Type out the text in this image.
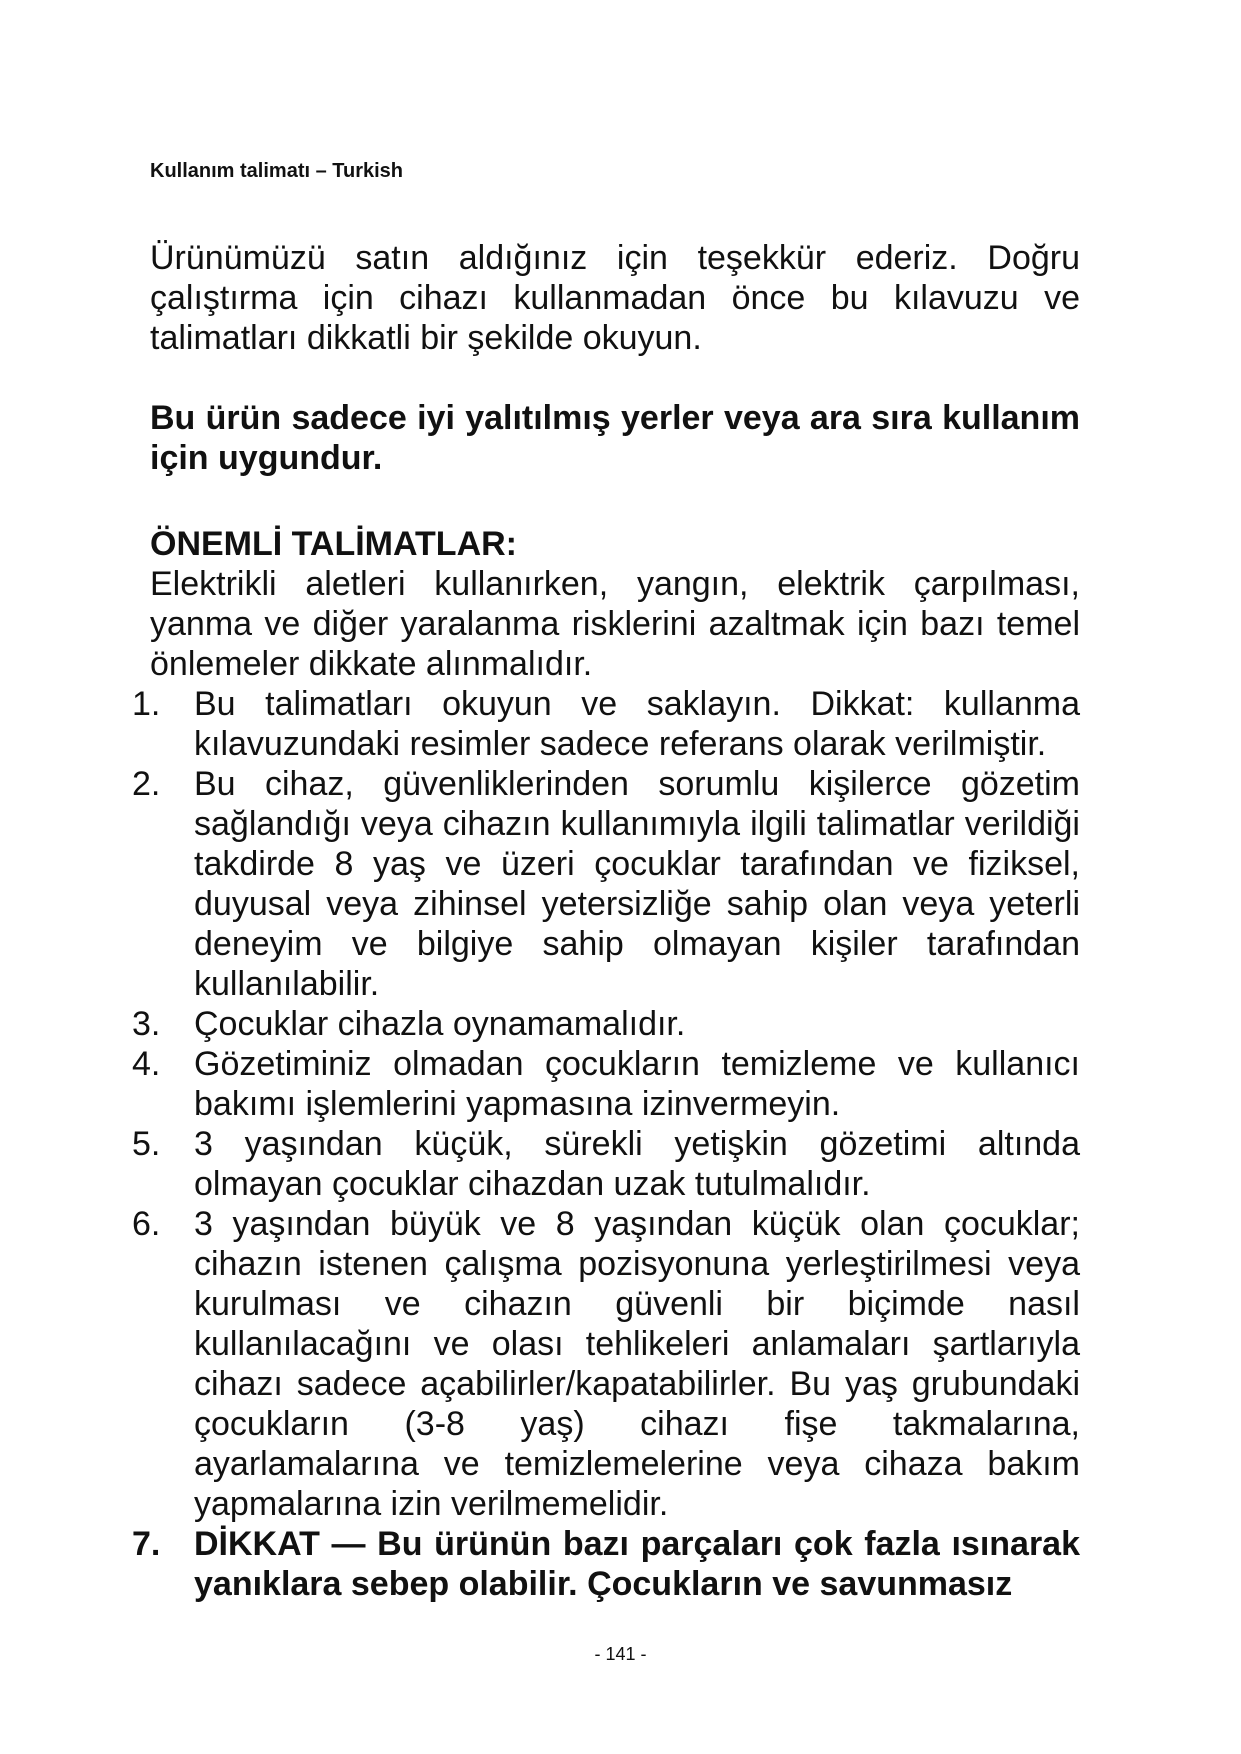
Kullanım talimatı – Turkish

Ürünümüzü satın aldığınız için teşekkür ederiz. Doğru çalıştırma için cihazı kullanmadan önce bu kılavuzu ve talimatları dikkatli bir şekilde okuyun.

Bu ürün sadece iyi yalıtılmış yerler veya ara sıra kullanım için uygundur.

ÖNEMLİ TALİMATLAR:

Elektrikli aletleri kullanırken, yangın, elektrik çarpılması, yanma ve diğer yaralanma risklerini azaltmak için bazı temel önlemeler dikkate alınmalıdır.

1. Bu talimatları okuyun ve saklayın. Dikkat: kullanma kılavuzundaki resimler sadece referans olarak verilmiştir.
2. Bu cihaz, güvenliklerinden sorumlu kişilerce gözetim sağlandığı veya cihazın kullanımıyla ilgili talimatlar verildiği takdirde 8 yaş ve üzeri çocuklar tarafından ve fiziksel, duyusal veya zihinsel yetersizliğe sahip olan veya yeterli deneyim ve bilgiye sahip olmayan kişiler tarafından kullanılabilir.
3. Çocuklar cihazla oynamamalıdır.
4. Gözetiminiz olmadan çocukların temizleme ve kullanıcı bakımı işlemlerini yapmasına izinvermeyin.
5. 3 yaşından küçük, sürekli yetişkin gözetimi altında olmayan çocuklar cihazdan uzak tutulmalıdır.
6. 3 yaşından büyük ve 8 yaşından küçük olan çocuklar; cihazın istenen çalışma pozisyonuna yerleştirilmesi veya kurulması ve cihazın güvenli bir biçimde nasıl kullanılacağını ve olası tehlikeleri anlamaları şartlarıyla cihazı sadece açabilirler/kapatabilirler. Bu yaş grubundaki çocukların (3-8 yaş) cihazı fişe takmalarına, ayarlamalarına ve temizlemelerine veya cihaza bakım yapmalarına izin verilmemelidir.
7. DİKKAT — Bu ürünün bazı parçaları çok fazla ısınarak yanıklara sebep olabilir. Çocukların ve savunmasız
- 141 -
